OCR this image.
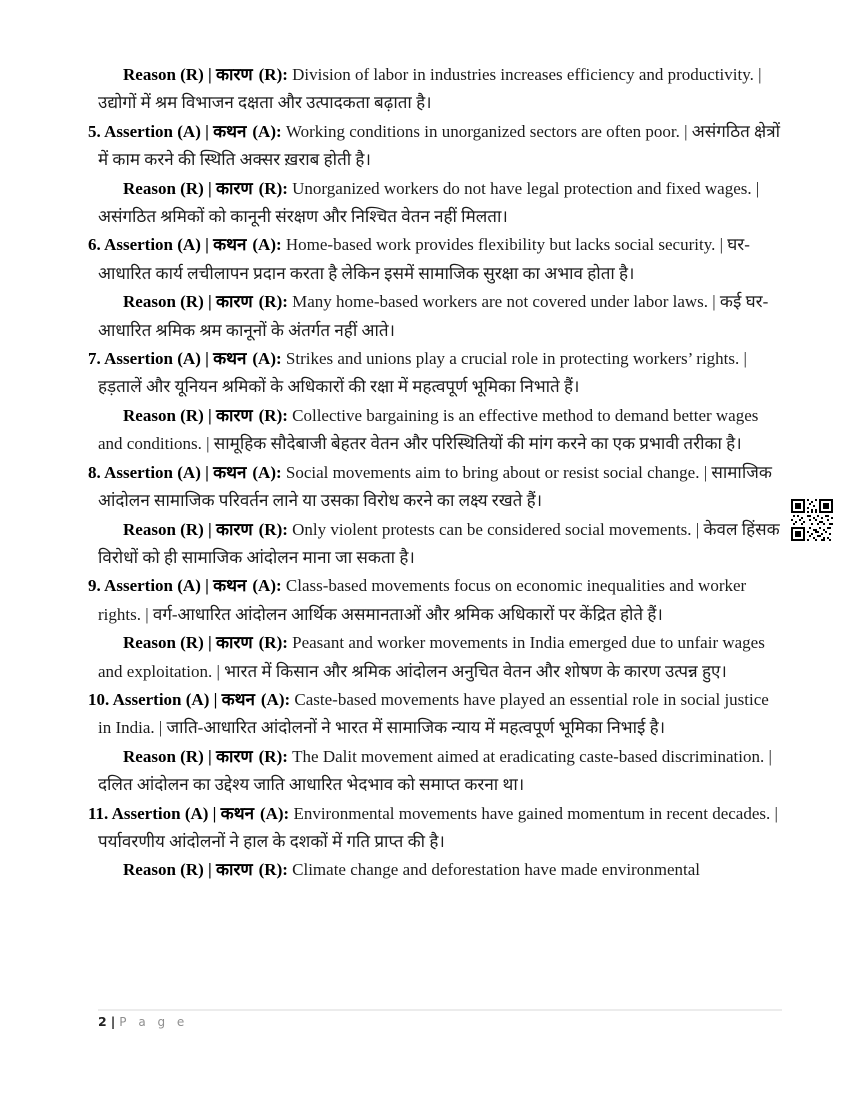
Reason (R) | कारण (R): Division of labor in industries increases efficiency and productivity. | उद्योगों में श्रम विभाजन दक्षता और उत्पादकता बढ़ाता है।

5. Assertion (A) | कथन (A): Working conditions in unorganized sectors are often poor. | असंगठित क्षेत्रों में काम करने की स्थिति अक्सर ख़राब होती है।

Reason (R) | कारण (R): Unorganized workers do not have legal protection and fixed wages. | असंगठित श्रमिकों को कानूनी संरक्षण और निश्चित वेतन नहीं मिलता।

6. Assertion (A) | कथन (A): Home-based work provides flexibility but lacks social security. | घर-आधारित कार्य लचीलापन प्रदान करता है लेकिन इसमें सामाजिक सुरक्षा का अभाव होता है।

Reason (R) | कारण (R): Many home-based workers are not covered under labor laws. | कई घर-आधारित श्रमिक श्रम कानूनों के अंतर्गत नहीं आते।

7. Assertion (A) | कथन (A): Strikes and unions play a crucial role in protecting workers’ rights. | हड़तालें और यूनियन श्रमिकों के अधिकारों की रक्षा में महत्वपूर्ण भूमिका निभाते हैं।

Reason (R) | कारण (R): Collective bargaining is an effective method to demand better wages and conditions. | सामूहिक सौदेबाजी बेहतर वेतन और परिस्थितियों की मांग करने का एक प्रभावी तरीका है।

8. Assertion (A) | कथन (A): Social movements aim to bring about or resist social change. | सामाजिक आंदोलन सामाजिक परिवर्तन लाने या उसका विरोध करने का लक्ष्य रखते हैं।

Reason (R) | कारण (R): Only violent protests can be considered social movements. | केवल हिंसक विरोधों को ही सामाजिक आंदोलन माना जा सकता है।

9. Assertion (A) | कथन (A): Class-based movements focus on economic inequalities and worker rights. | वर्ग-आधारित आंदोलन आर्थिक असमानताओं और श्रमिक अधिकारों पर केंद्रित होते हैं।

Reason (R) | कारण (R): Peasant and worker movements in India emerged due to unfair wages and exploitation. | भारत में किसान और श्रमिक आंदोलन अनुचित वेतन और शोषण के कारण उत्पन्न हुए।

10. Assertion (A) | कथन (A): Caste-based movements have played an essential role in social justice in India. | जाति-आधारित आंदोलनों ने भारत में सामाजिक न्याय में महत्वपूर्ण भूमिका निभाई है।

Reason (R) | कारण (R): The Dalit movement aimed at eradicating caste-based discrimination. | दलित आंदोलन का उद्देश्य जाति आधारित भेदभाव को समाप्त करना था।

11. Assertion (A) | कथन (A): Environmental movements have gained momentum in recent decades. | पर्यावरणीय आंदोलनों ने हाल के दशकों में गति प्राप्त की है।

Reason (R) | कारण (R): Climate change and deforestation have made environmental

2 | P a g e
